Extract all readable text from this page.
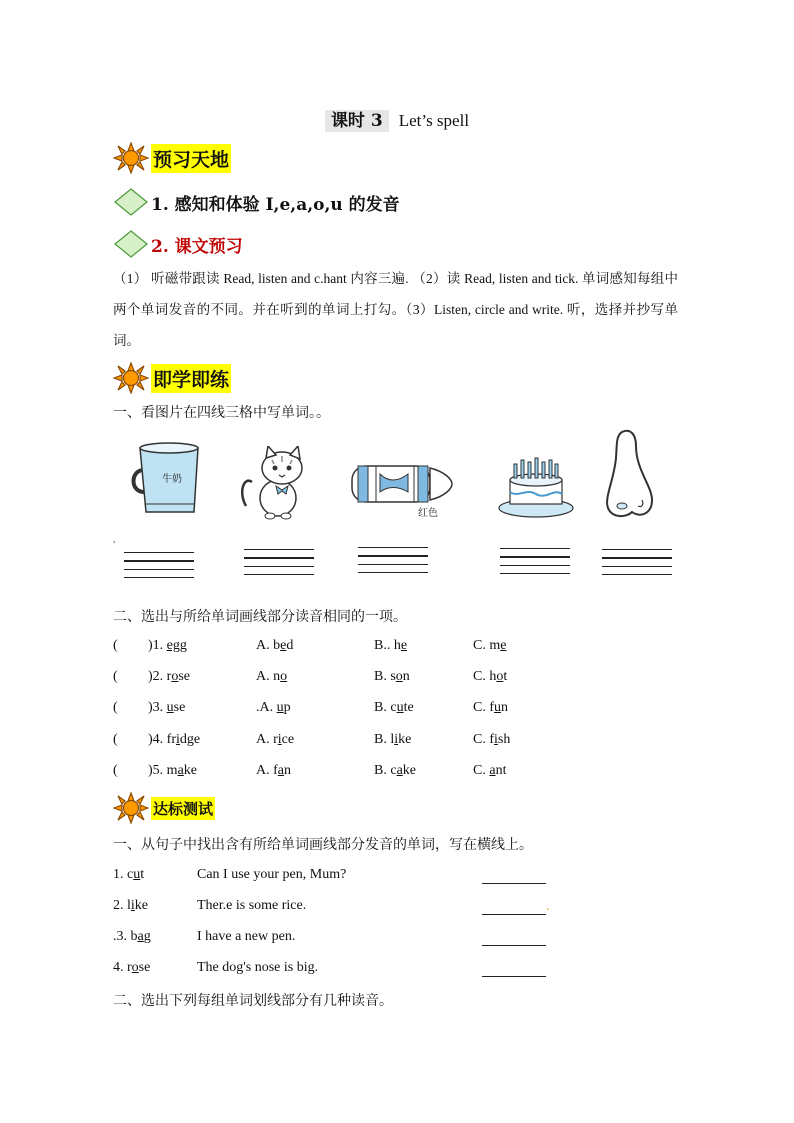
课时 3 Let’s spell
预习天地
1. 感知和体验 I,e,a,o,u 的发音
2. 课文预习
（1） 听磁带跟读 Read, listen and c.hant 内容三遍. （2）读 Read, listen and tick. 单词感知每组中两个单词发音的不同。并在听到的单词上打勾。（3）Listen, circle and write. 听，选择并抄写单词。
即学即练
一、看图片在四线三格中写单词。。
牛奶
红色
'
二、选出与所给单词画线部分读音相同的一项。
( )1. egg	A. bed	B.. he	C. me
( )2. rose	A. no	B. son	C. hot
( )3. use	.A. up	B. cute	C. fun
( )4. fridge	A. rice	B. like	C. fish
( )5. make	A. fan	B. cake	C. ant
达标测试
一、从句子中找出含有所给单词画线部分发音的单词，写在横线上。
1. cut	Can I use your pen, Mum?
2. like	Ther.e is some rice.	.
.3. bag	I have a new pen.
4. rose	The dog's nose is big.
二、选出下列每组单词划线部分有几种读音。
